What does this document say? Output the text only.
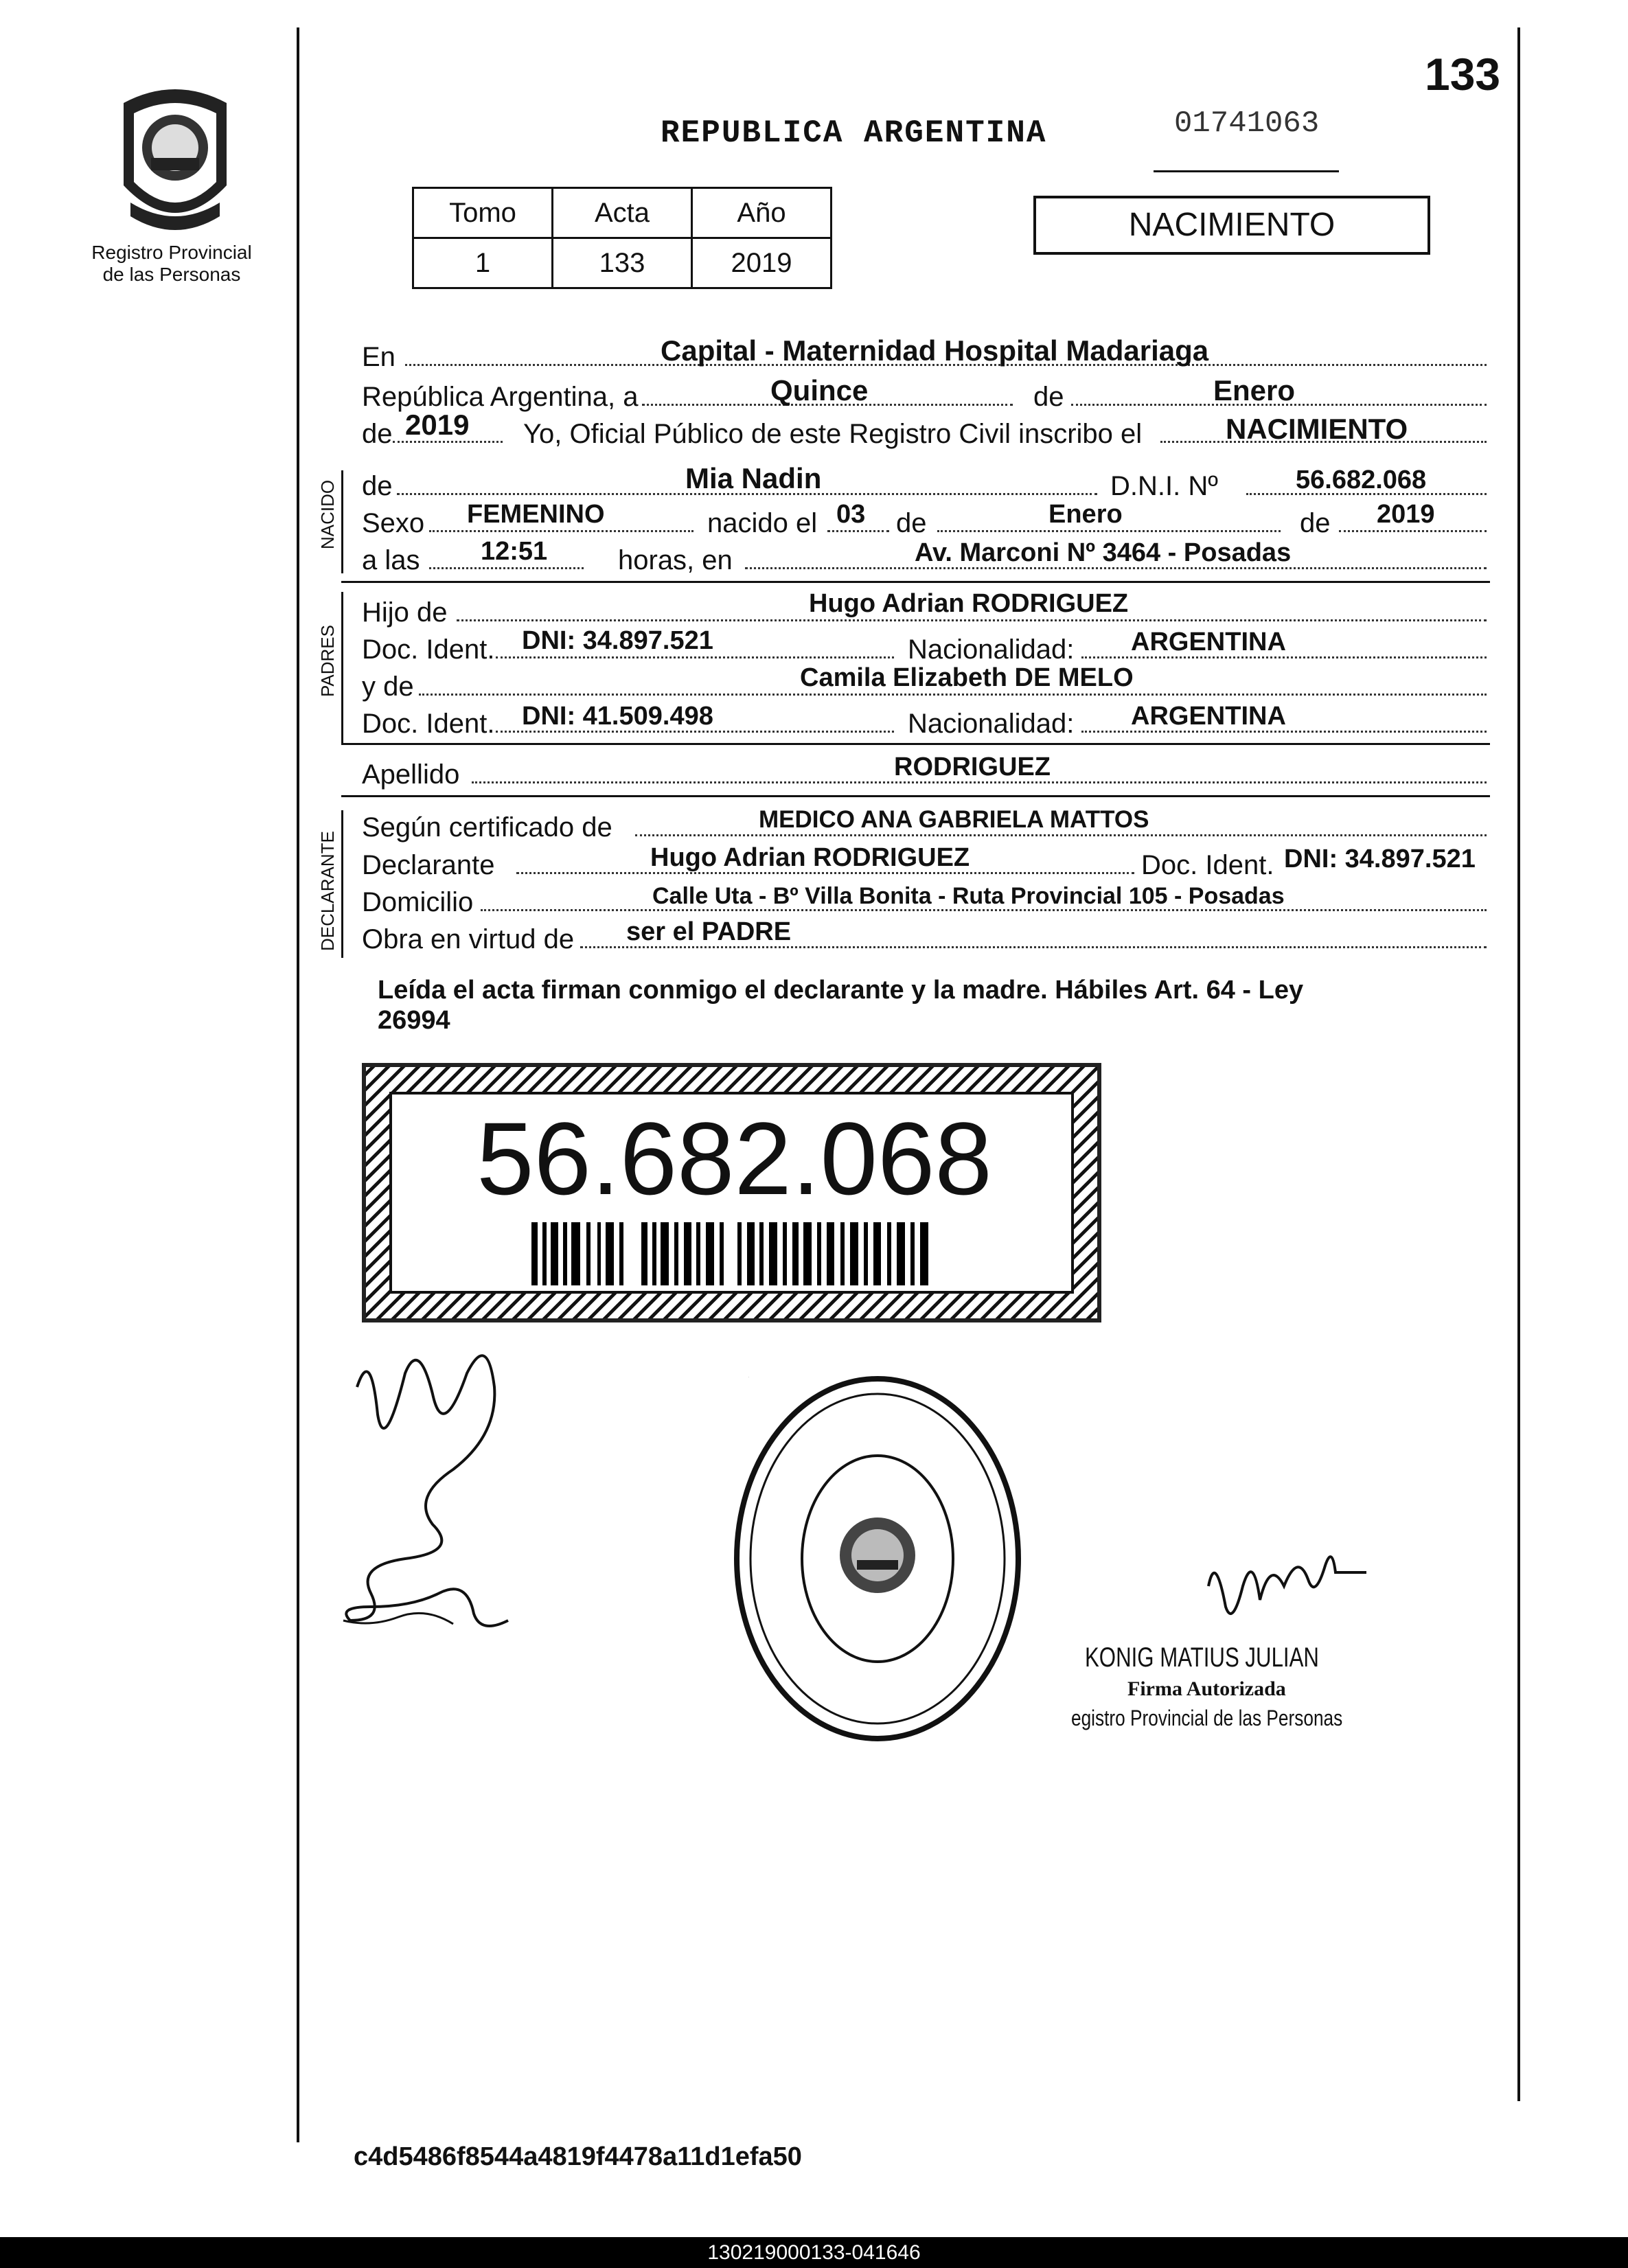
133
Registro Provincial
de las Personas
REPUBLICA ARGENTINA	01741063
Tomo	Acta	Año
1	133	2019
NACIMIENTO
En	Capital - Maternidad Hospital Madariaga
República Argentina, a	Quince	de	Enero
de 2019 Yo, Oficial Público de este Registro Civil inscribo el	NACIMIENTO
NACIDO de	Mia Nadin	D.N.I. Nº	56.682.068
Sexo FEMENINO	nacido el 03 de	Enero	de 2019
a las 12:51	horas, en	Av. Marconi Nº 3464 - Posadas
PADRES
Hijo de	Hugo Adrian RODRIGUEZ
Doc. Ident. DNI: 34.897.521	Nacionalidad: ARGENTINA
y de	Camila Elizabeth DE MELO
Doc. Ident. DNI: 41.509.498	Nacionalidad: ARGENTINA
Apellido	RODRIGUEZ
DECLARANTE
Según certificado de	MEDICO ANA GABRIELA MATTOS
Declarante	Hugo Adrian RODRIGUEZ	Doc. Ident. DNI: 34.897.521
Domicilio	Calle Uta - Bº Villa Bonita - Ruta Provincial 105 - Posadas
Obra en virtud de ser el PADRE
Leída el acta firman conmigo el declarante y la madre. Hábiles Art. 64 - Ley
26994
56.682.068
KONIG MATIUS JULIAN
Firma Autorizada
egistro Provincial de las Personas
c4d5486f8544a4819f4478a11d1efa50
130219000133-041646
